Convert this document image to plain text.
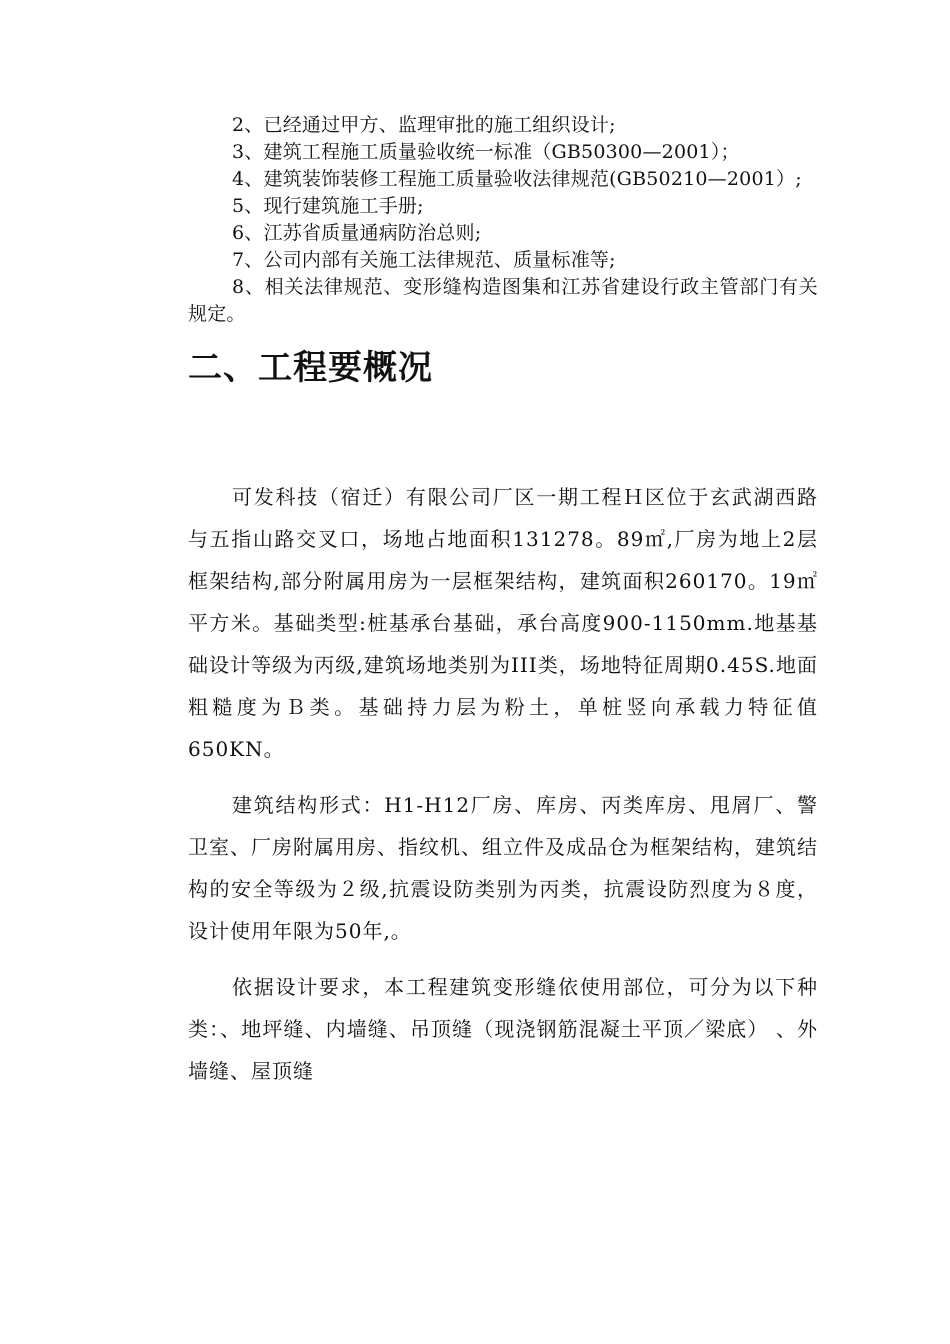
2、已经通过甲方、监理审批的施工组织设计;

3、建筑工程施工质量验收统一标准（GB50300—2001）；

4、建筑装饰装修工程施工质量验收法律规范(GB50210—2001）;

5、现行建筑施工手册;

6、江苏省质量通病防治总则;

7、公司内部有关施工法律规范、质量标准等;

8、相关法律规范、变形缝构造图集和江苏省建设行政主管部门有关规定。

二、工程要概况

可发科技（宿迁）有限公司厂区一期工程Ｈ区位于玄武湖西路与五指山路交叉口，场地占地面积131278。89㎡,厂房为地上2层框架结构,部分附属用房为一层框架结构，建筑面积260170。19㎡平方米。基础类型:桩基承台基础，承台高度900-1150mm.地基基础设计等级为丙级,建筑场地类别为III类，场地特征周期0.45S.地面粗糙度为Ｂ类。基础持力层为粉土，单桩竖向承载力特征值650KN。

建筑结构形式：H1-H12厂房、库房、丙类库房、甩屑厂、警卫室、厂房附属用房、指纹机、组立件及成品仓为框架结构，建筑结构的安全等级为２级,抗震设防类别为丙类，抗震设防烈度为８度，设计使用年限为50年,。

依据设计要求，本工程建筑变形缝依使用部位，可分为以下种类：、地坪缝、内墙缝、吊顶缝（现浇钢筋混凝土平顶／梁底） 、外墙缝、屋顶缝
